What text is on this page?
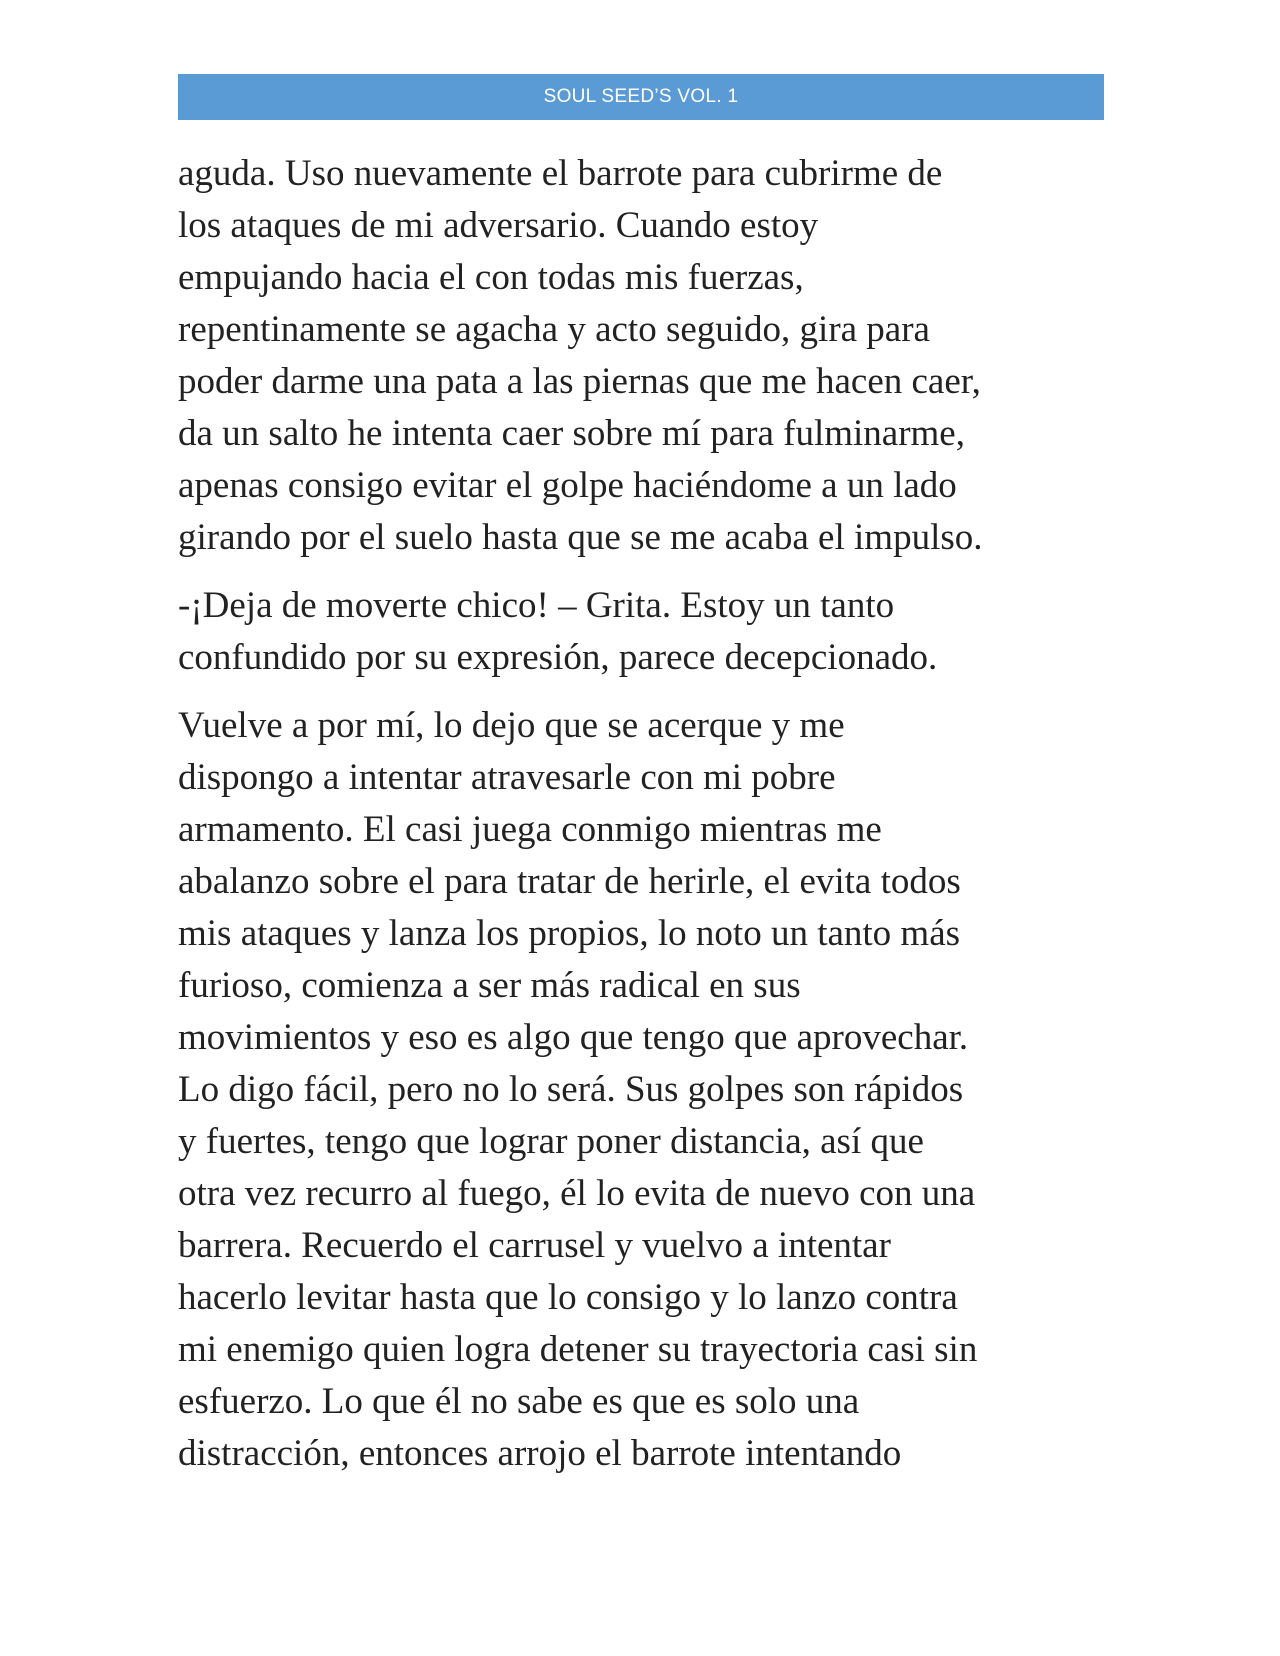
SOUL SEED’S VOL. 1

aguda. Uso nuevamente el barrote para cubrirme de
los ataques de mi adversario. Cuando estoy
empujando hacia el con todas mis fuerzas,
repentinamente se agacha y acto seguido, gira para
poder darme una pata a las piernas que me hacen caer,
da un salto he intenta caer sobre mí para fulminarme,
apenas consigo evitar el golpe haciéndome a un lado
girando por el suelo hasta que se me acaba el impulso.

-¡Deja de moverte chico! – Grita. Estoy un tanto
confundido por su expresión, parece decepcionado.

Vuelve a por mí, lo dejo que se acerque y me
dispongo a intentar atravesarle con mi pobre
armamento. El casi juega conmigo mientras me
abalanzo sobre el para tratar de herirle, el evita todos
mis ataques y lanza los propios, lo noto un tanto más
furioso, comienza a ser más radical en sus
movimientos y eso es algo que tengo que aprovechar.
Lo digo fácil, pero no lo será. Sus golpes son rápidos
y fuertes, tengo que lograr poner distancia, así que
otra vez recurro al fuego, él lo evita de nuevo con una
barrera. Recuerdo el carrusel y vuelvo a intentar
hacerlo levitar hasta que lo consigo y lo lanzo contra
mi enemigo quien logra detener su trayectoria casi sin
esfuerzo. Lo que él no sabe es que es solo una
distracción, entonces arrojo el barrote intentando
